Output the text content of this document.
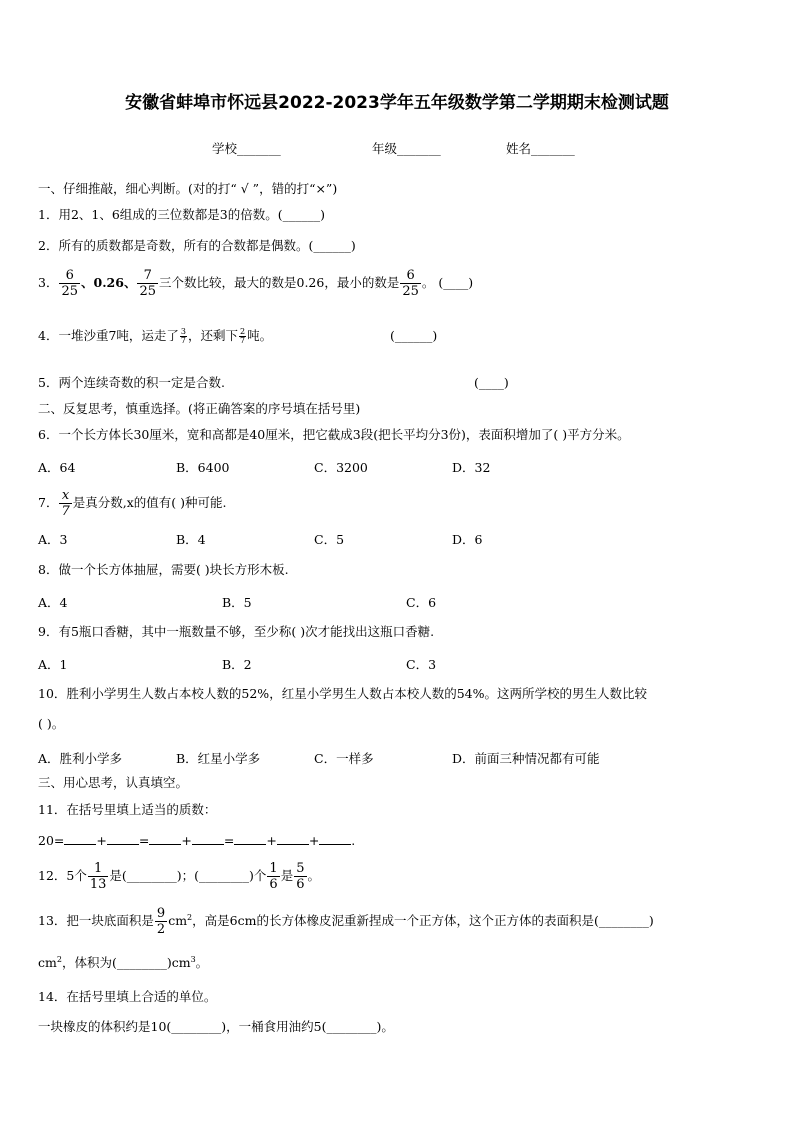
安徽省蚌埠市怀远县2022-2023学年五年级数学第二学期期末检测试题
学校_______	年级_______	姓名_______
一、仔细推敲，细心判断。(对的打“ √ ”，错的打“×”)
1．用2、1、6组成的三位数都是3的倍数。(______)
2．所有的质数都是奇数，所有的合数都是偶数。(______)
3． $\frac{6}{25}$ 、0.26、 $\frac{7}{25}$ 三个数比较，最大的数是0.26，最小的数是 $\frac{6}{25}$ 。 (____)
4．一堆沙重7吨，运走了 $\frac{3}{7}$ ，还剩下 $\frac{2}{7}$ 吨。	(______)
5．两个连续奇数的积一定是合数.	(____)
二、反复思考，慎重选择。(将正确答案的序号填在括号里)
6．一个长方体长30厘米，宽和高都是40厘米，把它截成3段(把长平均分3份)，表面积增加了( )平方分米。
A．64	B．6400	C．3200	D．32
7． $\frac{x}{7}$ 是真分数,x的值有( )种可能.
A．3	B．4	C．5	D．6
8．做一个长方体抽屉，需要( )块长方形木板.
A．4	B．5	C．6
9．有5瓶口香糖，其中一瓶数量不够，至少称( )次才能找出这瓶口香糖.
A．1	B．2	C．3
10．胜利小学男生人数占本校人数的52%，红星小学男生人数占本校人数的54%。这两所学校的男生人数比较
( )。
A．胜利小学多	B．红星小学多	C．一样多	D．前面三种情况都有可能
三、用心思考，认真填空。
11．在括号里填上适当的质数：
20=	+	=	+	=	+	+	.
12．5个 $\frac{1}{13}$ 是(________)；(________)个 $\frac{1}{6}$ 是 $\frac{5}{6}$ 。
13．把一块底面积是 $\frac{9}{2} cm^2$，高是6cm的长方体橡皮泥重新捏成一个正方体，这个正方体的表面积是(________)
$cm^2$，体积为$(\_\_\_\_\_\_\_\_)cm^3$。
14．在括号里填上合适的单位。
一块橡皮的体积约是10(________)，一桶食用油约5(________)。
